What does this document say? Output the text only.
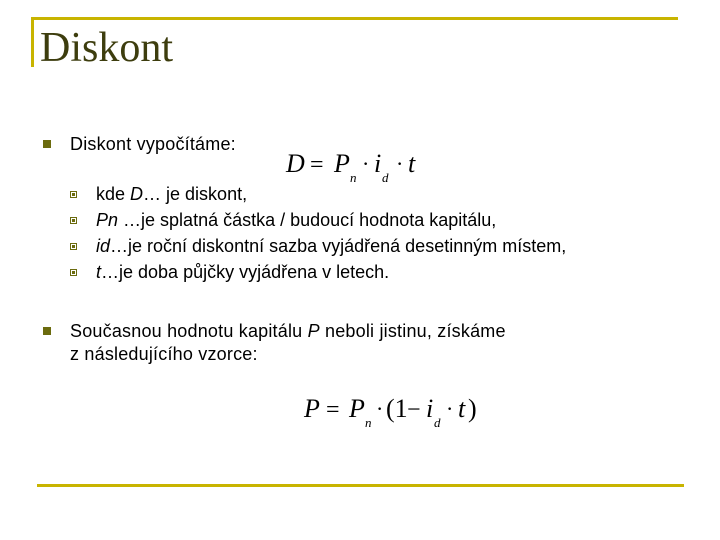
Diskont
Diskont vypočítáme:
D = P n
· i d
· t
kde D… je diskont,
Pn …je splatná částka / budoucí hodnota kapitálu,
id…je roční diskontní sazba vyjádřená desetinným místem,
t…je doba půjčky vyjádřena v letech.
Současnou hodnotu kapitálu P neboli jistinu, získáme
z následujícího vzorce:
P = P n
· (1 − i d
· t )
